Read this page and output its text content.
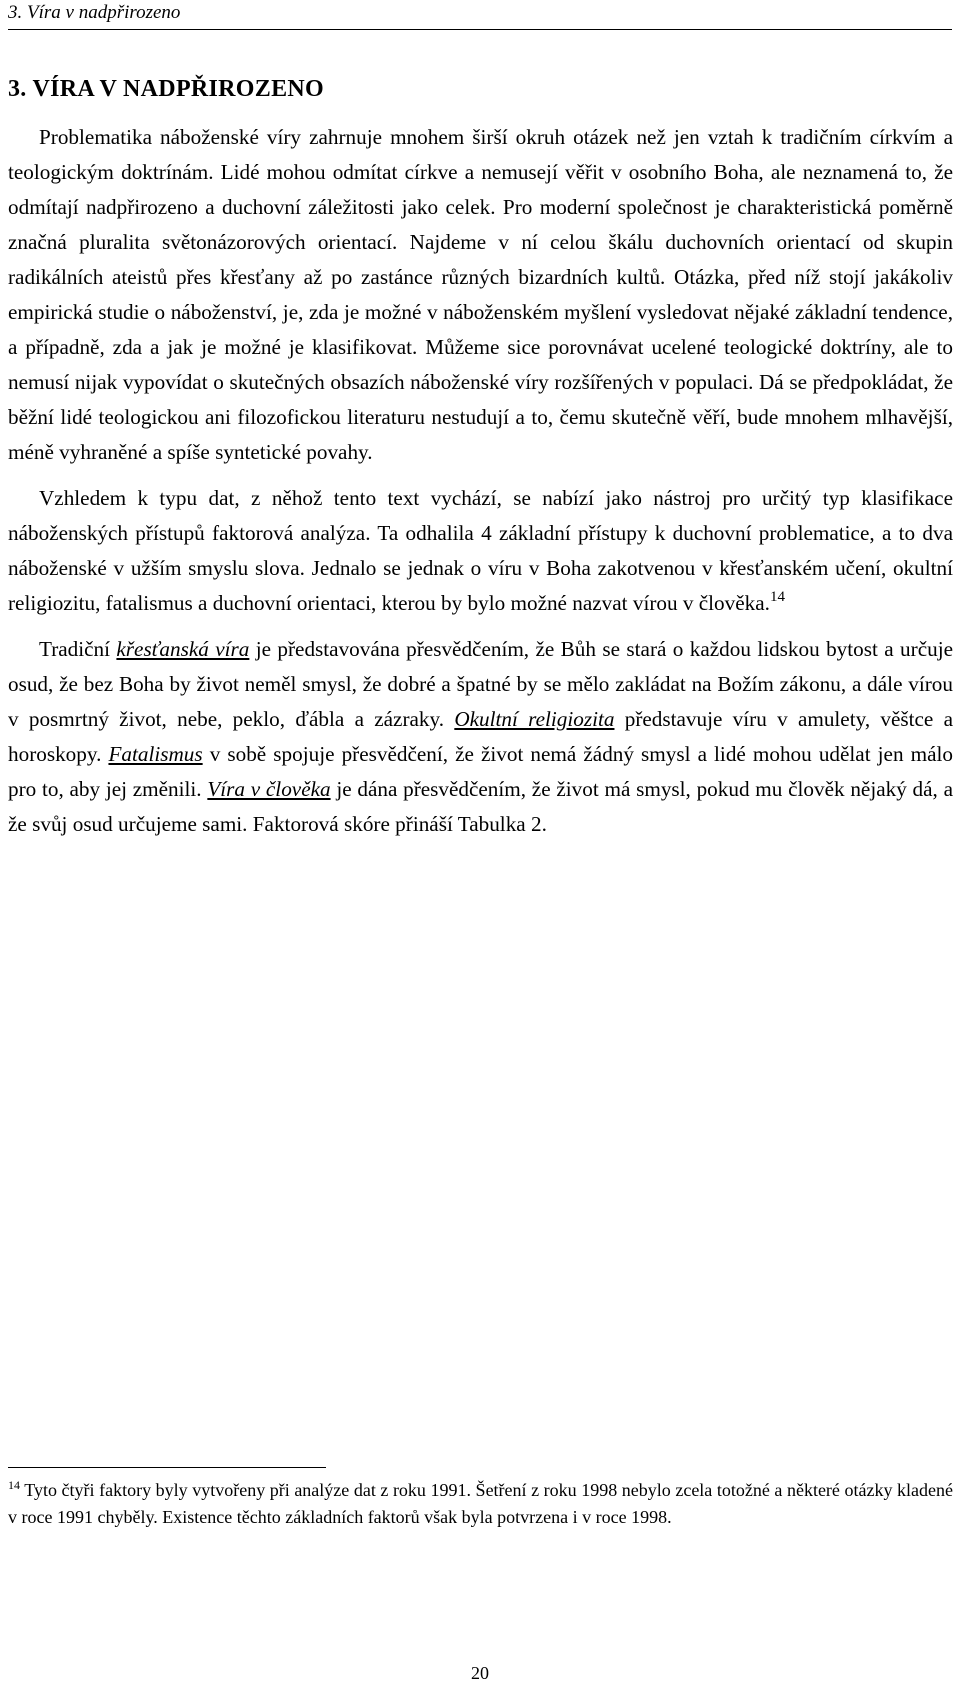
3. Víra v nadpřirozeno
3. VÍRA V NADPŘIROZENO

Problematika náboženské víry zahrnuje mnohem širší okruh otázek než jen vztah k tradičním církvím a teologickým doktrínám. Lidé mohou odmítat církve a nemusejí věřit v osobního Boha, ale neznamená to, že odmítají nadpřirozeno a duchovní záležitosti jako celek. Pro moderní společnost je charakteristická poměrně značná pluralita světonázorových orientací. Najdeme v ní celou škálu duchovních orientací od skupin radikálních ateistů přes křesťany až po zastánce různých bizardních kultů. Otázka, před níž stojí jakákoliv empirická studie o náboženství, je, zda je možné v náboženském myšlení vysledovat nějaké základní tendence, a případně, zda a jak je možné je klasifikovat. Můžeme sice porovnávat ucelené teologické doktríny, ale to nemusí nijak vypovídat o skutečných obsazích náboženské víry rozšířených v populaci. Dá se předpokládat, že běžní lidé teologickou ani filozofickou literaturu nestudují a to, čemu skutečně věří, bude mnohem mlhavější, méně vyhraněné a spíše syntetické povahy.

Vzhledem k typu dat, z něhož tento text vychází, se nabízí jako nástroj pro určitý typ klasifikace náboženských přístupů faktorová analýza. Ta odhalila 4 základní přístupy k duchovní problematice, a to dva náboženské v užším smyslu slova. Jednalo se jednak o víru v Boha zakotvenou v křesťanském učení, okultní religiozitu, fatalismus a duchovní orientaci, kterou by bylo možné nazvat vírou v člověka.$^{14}$

Tradiční křesťanská víra je představována přesvědčením, že Bůh se stará o každou lidskou bytost a určuje osud, že bez Boha by život neměl smysl, že dobré a špatné by se mělo zakládat na Božím zákonu, a dále vírou v posmrtný život, nebe, peklo, ďábla a zázraky. Okultní religiozita představuje víru v amulety, věštce a horoskopy. Fatalismus v sobě spojuje přesvědčení, že život nemá žádný smysl a lidé mohou udělat jen málo pro to, aby jej změnili. Víra v člověka je dána přesvědčením, že život má smysl, pokud mu člověk nějaký dá, a že svůj osud určujeme sami. Faktorová skóre přináší Tabulka 2.

$^{14}$ Tyto čtyři faktory byly vytvořeny při analýze dat z roku 1991. Šetření z roku 1998 nebylo zcela totožné a některé otázky kladené v roce 1991 chyběly. Existence těchto základních faktorů však byla potvrzena i v roce 1998.
20
